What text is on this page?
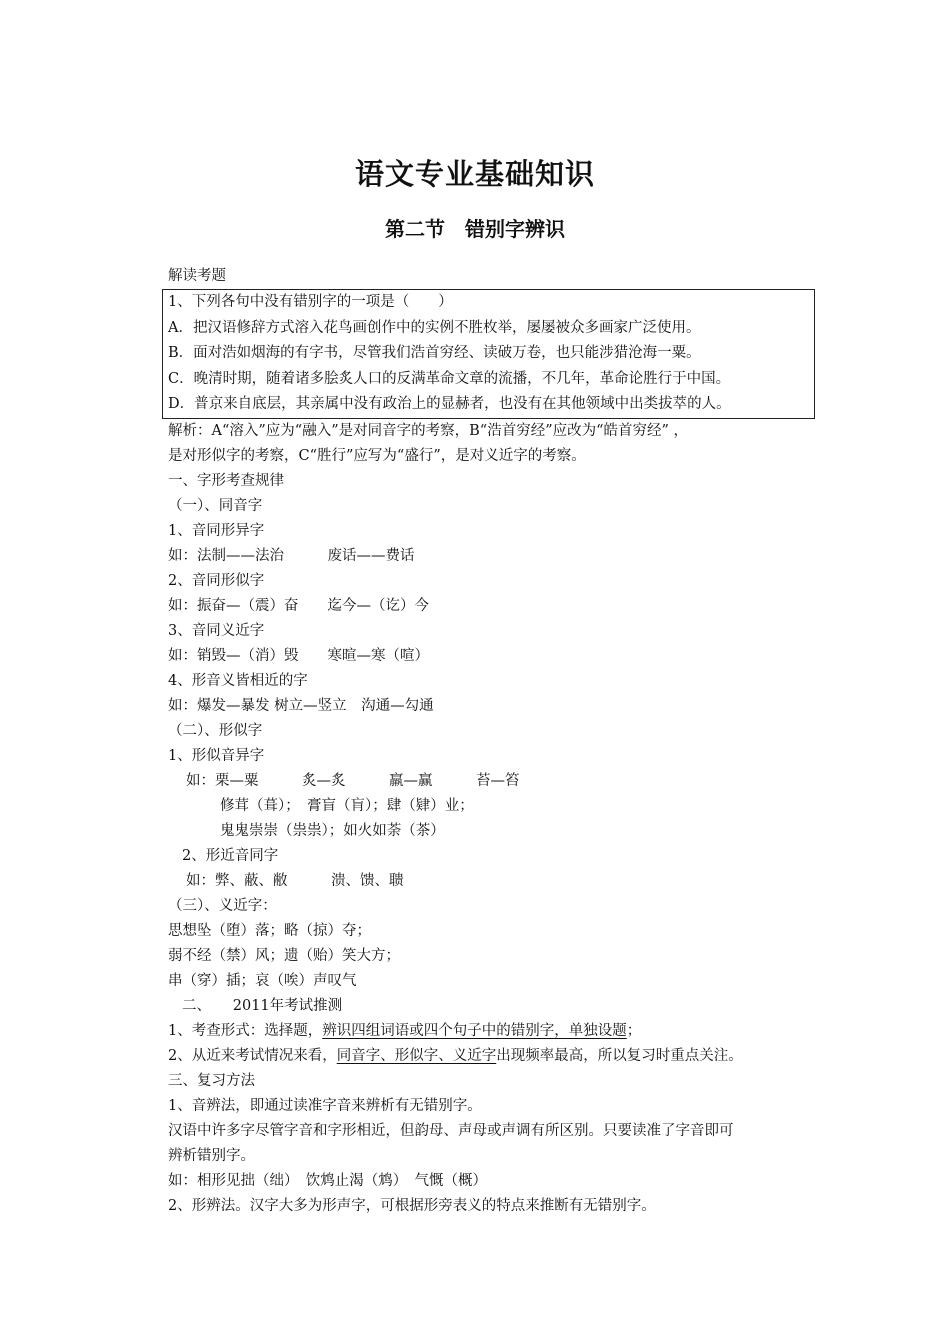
语文专业基础知识
第二节　错别字辨识
解读考题
1、下列各句中没有错别字的一项是（　　）
A．把汉语修辞方式溶入花鸟画创作中的实例不胜枚举，屡屡被众多画家广泛使用。
B．面对浩如烟海的有字书，尽管我们浩首穷经、读破万卷，也只能涉猎沧海一粟。
C．晚清时期，随着诸多脍炙人口的反满革命文章的流播，不几年，革命论胜行于中国。
D．普京来自底层，其亲属中没有政治上的显赫者，也没有在其他领域中出类拔萃的人。
解析：A“溶入”应为“融入”是对同音字的考察，B“浩首穷经”应改为“皓首穷经” ，
是对形似字的考察，C“胜行”应写为“盛行”，是对义近字的考察。
一、字形考查规律
（一）、同音字
1、音同形异字
如：法制——法治　　　废话——费话
2、音同形似字
如：振奋—（震）奋　　迄今—（讫）今
3、音同义近字
如：销毁—（消）毁　　寒暄—寒（喧）
4、形音义皆相近的字
如：爆发—暴发 树立—竖立　沟通—勾通
（二）、形似字
1、形似音异字
如：栗—粟　　　炙—炙　　　羸—赢　　　苔—笞
修茸（葺）；　膏盲（肓）；肆（肄）业；
鬼鬼崇崇（祟祟）；如火如荼（茶）
2、形近音同字
如：弊、蔽、敝　　　溃、馈、聩
（三）、义近字：
思想坠（堕）落；略（掠）夺；
弱不经（禁）风；遗（贻）笑大方；
串（穿）插；哀（唉）声叹气
二、　　2011年考试推测
1、考查形式：选择题，辨识四组词语或四个句子中的错别字，单独设题；
2、从近来考试情况来看，同音字、形似字、义近字出现频率最高，所以复习时重点关注。
三、复习方法
1、音辨法，即通过读准字音来辨析有无错别字。
汉语中许多字尽管字音和字形相近，但韵母、声母或声调有所区别。只要读准了字音即可
辨析错别字。
如：相形见拙（绌）　饮鸩止渴（鸩）　气慨（概）
2、形辨法。汉字大多为形声字，可根据形旁表义的特点来推断有无错别字。
